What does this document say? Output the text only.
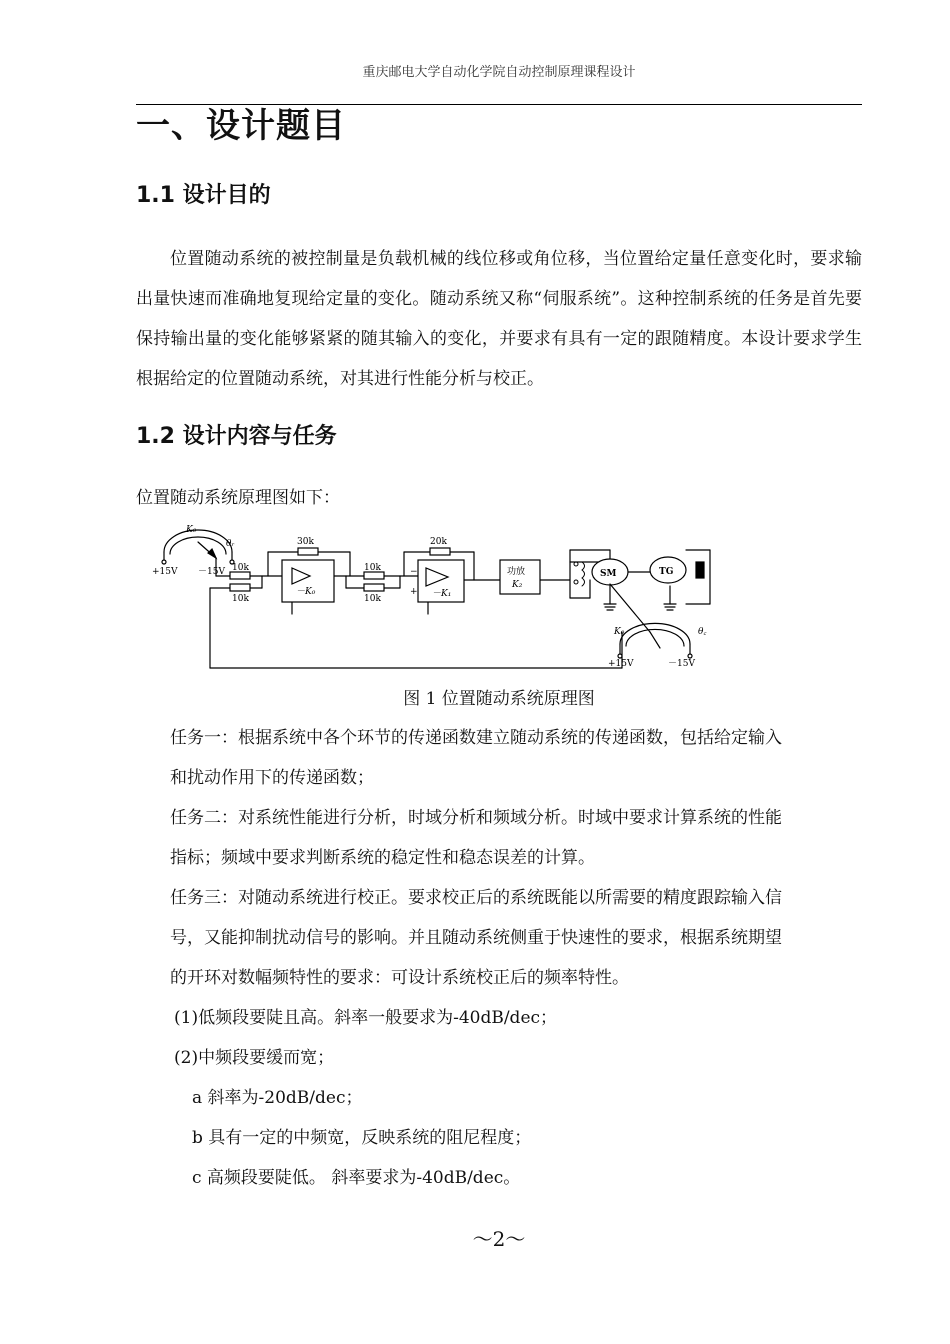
重庆邮电大学自动化学院自动控制原理课程设计
一、设计题目
1.1 设计目的

位置随动系统的被控制量是负载机械的线位移或角位移，当位置给定量任意变化时，要求输出量快速而准确地复现给定量的变化。随动系统又称“伺服系统”。这种控制系统的任务是首先要保持输出量的变化能够紧紧的随其输入的变化，并要求有具有一定的跟随精度。本设计要求学生根据给定的位置随动系统，对其进行性能分析与校正。

1.2 设计内容与任务

位置随动系统原理图如下：

K₀
θᵣ
+15V －15V 10k
10k
30k
－K₀
10k
10k
20k
−
+ －K₁
功放
K₂
SM	TG
K₀	θ꜀
+15V	－15V

图 1 位置随动系统原理图

任务一：根据系统中各个环节的传递函数建立随动系统的传递函数，包括给定输入

和扰动作用下的传递函数；

任务二：对系统性能进行分析，时域分析和频域分析。时域中要求计算系统的性能

指标；频域中要求判断系统的稳定性和稳态误差的计算。

任务三：对随动系统进行校正。要求校正后的系统既能以所需要的精度跟踪输入信

号，又能抑制扰动信号的影响。并且随动系统侧重于快速性的要求，根据系统期望

的开环对数幅频特性的要求：可设计系统校正后的频率特性。

(1)低频段要陡且高。斜率一般要求为-40dB/dec；

(2)中频段要缓而宽；

a 斜率为-20dB/dec；

b 具有一定的中频宽，反映系统的阻尼程度；

c 高频段要陡低。 斜率要求为-40dB/dec。

～2～
